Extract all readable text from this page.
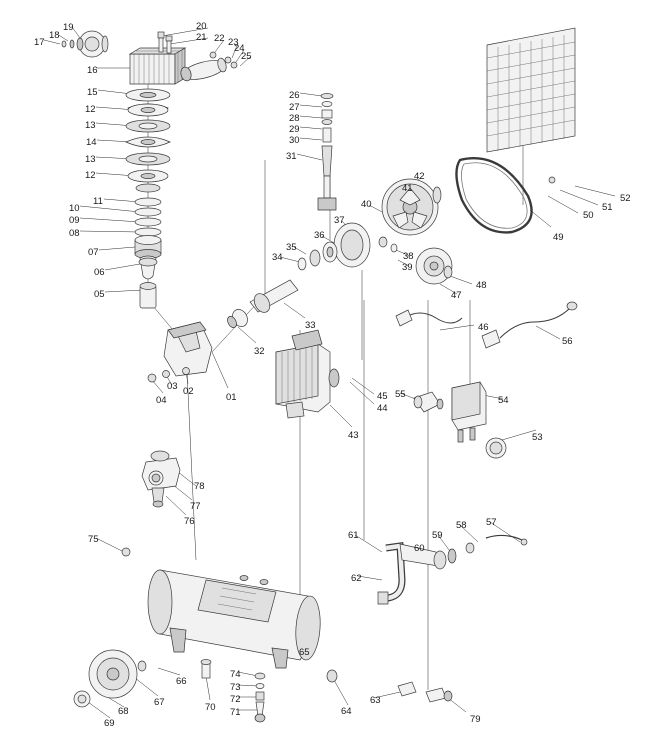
17
18
19	20
21 22 23
24
25
16
15
12
13
14
13
12
11
10
09
08
07
06
05
26
27
28
29
30
31
52
51
50
49
42
41
40
37
36
35
34	38
39
48
47
33
32
46
56
04
03 02
01
43
44
45 55
54
53
78
77
76
75	61
60
59
58 57
62
65
66
67
68
69
70 71
72
73
74
63
64
79
